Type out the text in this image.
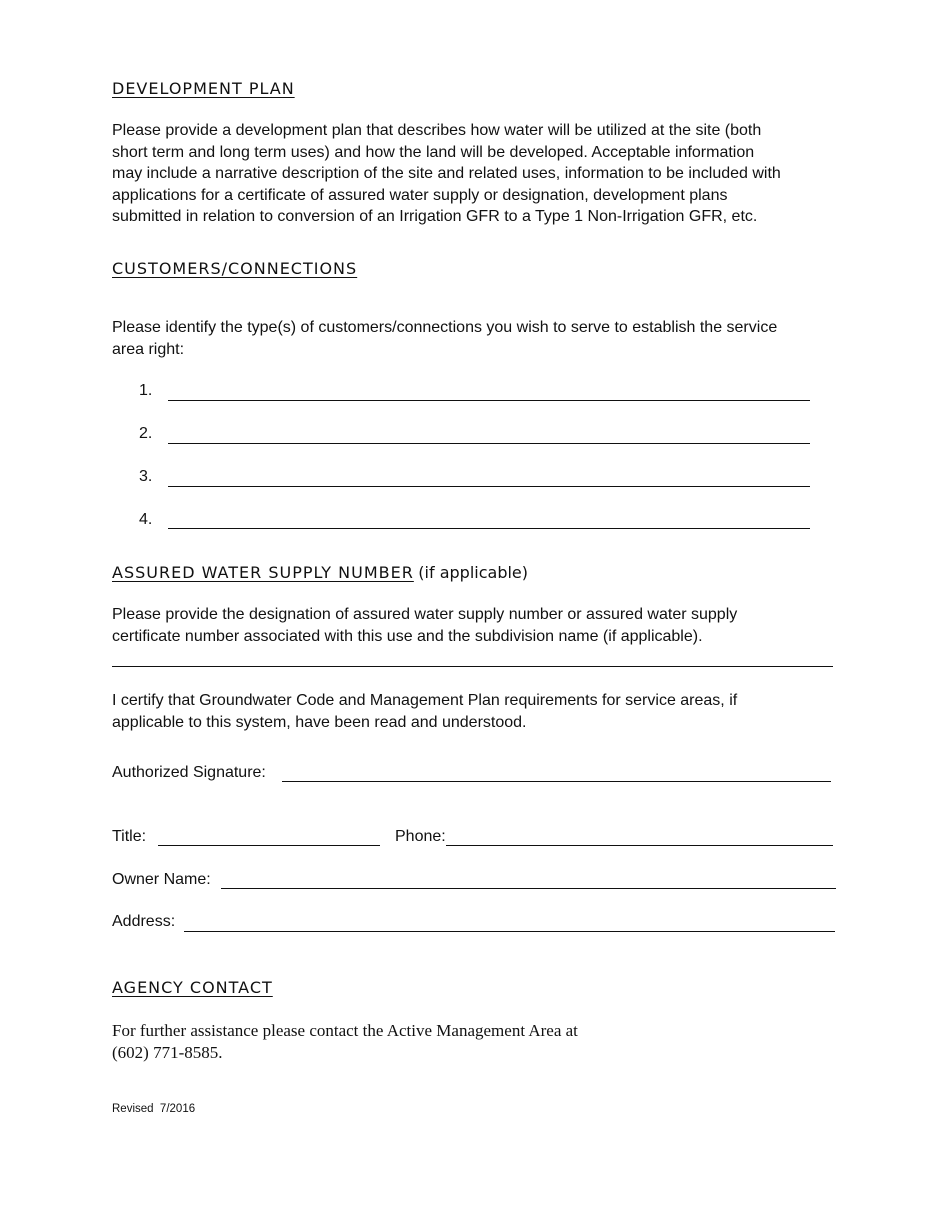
DEVELOPMENT PLAN
Please provide a development plan that describes how water will be utilized at the site (both
short term and long term uses) and how the land will be developed. Acceptable information
may include a narrative description of the site and related uses, information to be included with
applications for a certificate of assured water supply or designation, development plans
submitted in relation to conversion of an Irrigation GFR to a Type 1 Non-Irrigation GFR, etc.
CUSTOMERS/CONNECTIONS
Please identify the type(s) of customers/connections you wish to serve to establish the service
area right:
1.
2.
3.
4.
ASSURED WATER SUPPLY NUMBER (if applicable)
Please provide the designation of assured water supply number or assured water supply
certificate number associated with this use and the subdivision name (if applicable).
I certify that Groundwater Code and Management Plan requirements for service areas, if
applicable to this system, have been read and understood.
Authorized Signature:
Title:	Phone:
Owner Name:
Address:
AGENCY CONTACT
For further assistance please contact the Active Management Area at
(602) 771-8585.
Revised  7/2016
